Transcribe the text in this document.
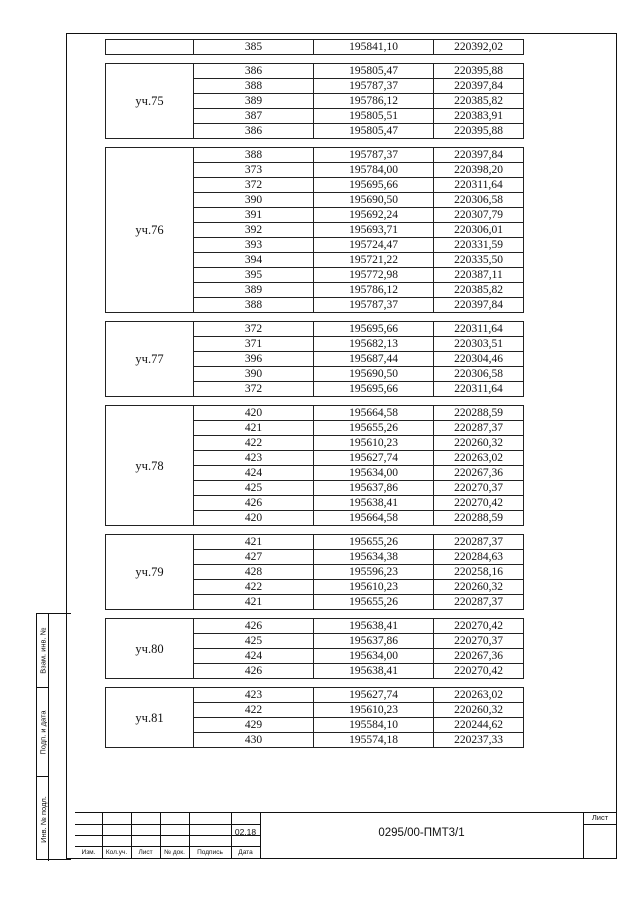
	385	195841,10	220392,02

уч.75	386	195805,47	220395,88
	388	195787,37	220397,84
	389	195786,12	220385,82
	387	195805,51	220383,91
	386	195805,47	220395,88

уч.76	388	195787,37	220397,84
	373	195784,00	220398,20
	372	195695,66	220311,64
	390	195690,50	220306,58
	391	195692,24	220307,79
	392	195693,71	220306,01
	393	195724,47	220331,59
	394	195721,22	220335,50
	395	195772,98	220387,11
	389	195786,12	220385,82
	388	195787,37	220397,84

уч.77	372	195695,66	220311,64
	371	195682,13	220303,51
	396	195687,44	220304,46
	390	195690,50	220306,58
	372	195695,66	220311,64

уч.78	420	195664,58	220288,59
	421	195655,26	220287,37
	422	195610,23	220260,32
	423	195627,74	220263,02
	424	195634,00	220267,36
	425	195637,86	220270,37
	426	195638,41	220270,42
	420	195664,58	220288,59

уч.79	421	195655,26	220287,37
	427	195634,38	220284,63
	428	195596,23	220258,16
	422	195610,23	220260,32
	421	195655,26	220287,37

уч.80	426	195638,41	220270,42
	425	195637,86	220270,37
	424	195634,00	220267,36
	426	195638,41	220270,42

уч.81	423	195627,74	220263,02
	422	195610,23	220260,32
	429	195584,10	220244,62
	430	195574,18	220237,33
Взам. инв. №
Подп. и дата
Инв. № подл.	02.18
Изм.	Кол.уч.	Лист	№ док.	Подпись	Дата
0295/00-ПМТ3/1
Лист
